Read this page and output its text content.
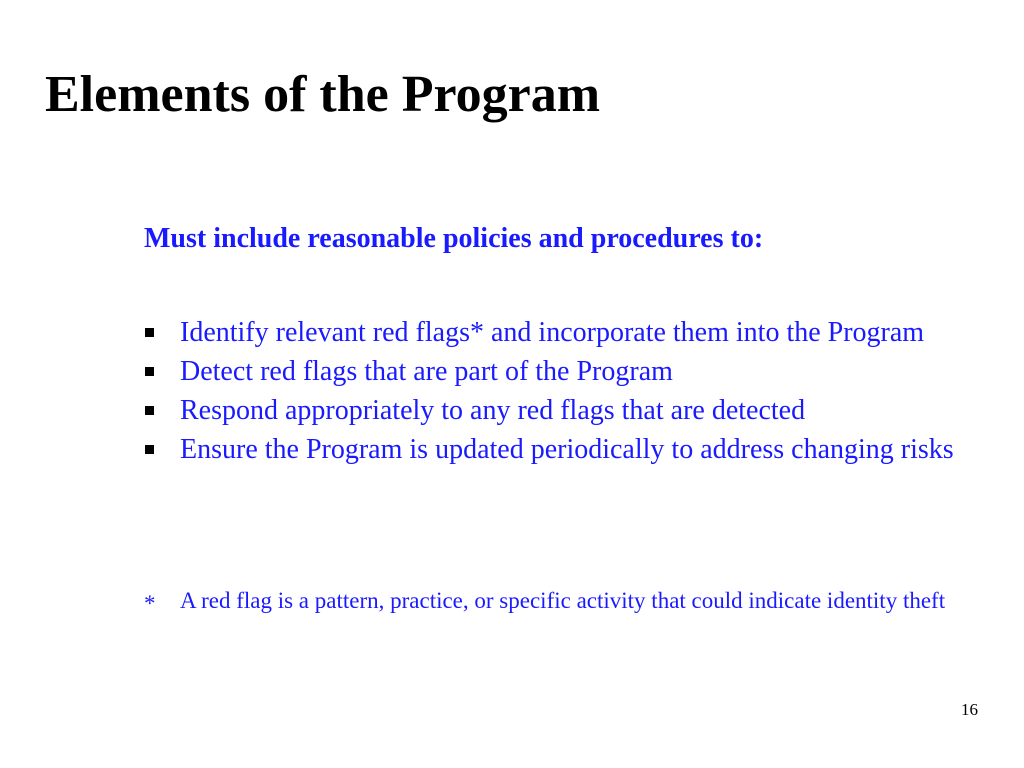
Elements of the Program

Must include reasonable policies and procedures to:

Identify relevant red flags* and incorporate them into the Program
Detect red flags that are part of the Program
Respond appropriately to any red flags that are detected
Ensure the Program is updated periodically to address changing risks
*	A red flag is a pattern, practice, or specific activity that could indicate identity theft

16
